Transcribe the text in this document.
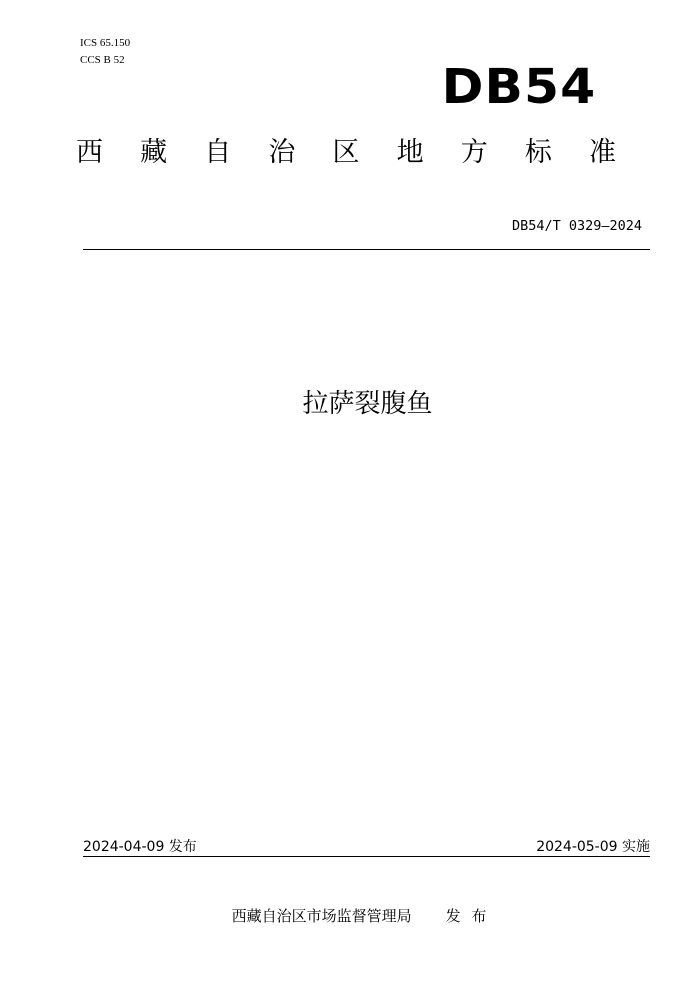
ICS 65.150
CCS B 52	DB54
西 藏 自 治 区 地 方 标 准
DB54/T 0329—2024
拉萨裂腹鱼
2024-04-09 发布	2024-05-09 实施
西藏自治区市场监督管理局 发 布
